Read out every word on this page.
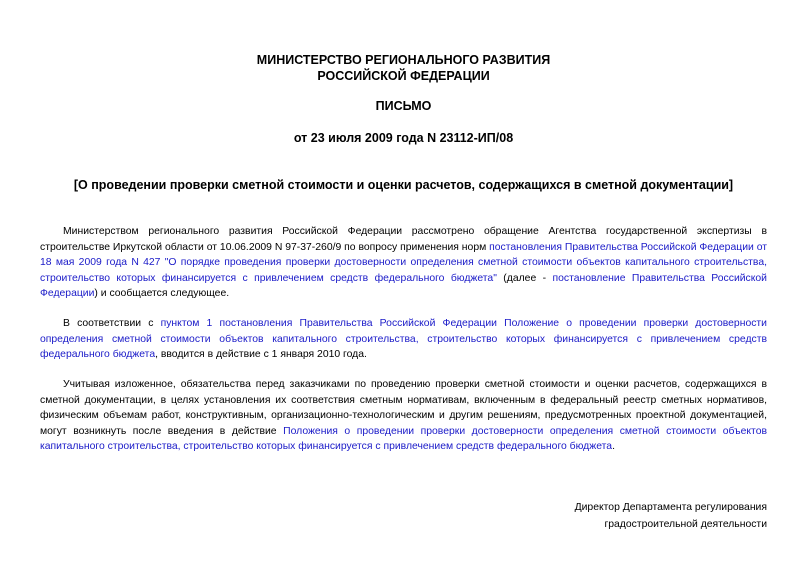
МИНИСТЕРСТВО РЕГИОНАЛЬНОГО РАЗВИТИЯ
РОССИЙСКОЙ ФЕДЕРАЦИИ
ПИСЬМО
от 23 июля 2009 года N 23112-ИП/08
[О проведении проверки сметной стоимости и оценки расчетов, содержащихся в сметной документации]
Министерством регионального развития Российской Федерации рассмотрено обращение Агентства государственной экспертизы в строительстве Иркутской области от 10.06.2009 N 97-37-260/9 по вопросу применения норм постановления Правительства Российской Федерации от 18 мая 2009 года N 427 "О порядке проведения проверки достоверности определения сметной стоимости объектов капитального строительства, строительство которых финансируется с привлечением средств федерального бюджета" (далее - постановление Правительства Российской Федерации) и сообщается следующее.
В соответствии с пунктом 1 постановления Правительства Российской Федерации Положение о проведении проверки достоверности определения сметной стоимости объектов капитального строительства, строительство которых финансируется с привлечением средств федерального бюджета, вводится в действие с 1 января 2010 года.
Учитывая изложенное, обязательства перед заказчиками по проведению проверки сметной стоимости и оценки расчетов, содержащихся в сметной документации, в целях установления их соответствия сметным нормативам, включенным в федеральный реестр сметных нормативов, физическим объемам работ, конструктивным, организационно-технологическим и другим решениям, предусмотренных проектной документацией, могут возникнуть после введения в действие Положения о проведении проверки достоверности определения сметной стоимости объектов капитального строительства, строительство которых финансируется с привлечением средств федерального бюджета.
Директор Департамента регулирования
градостроительной деятельности
